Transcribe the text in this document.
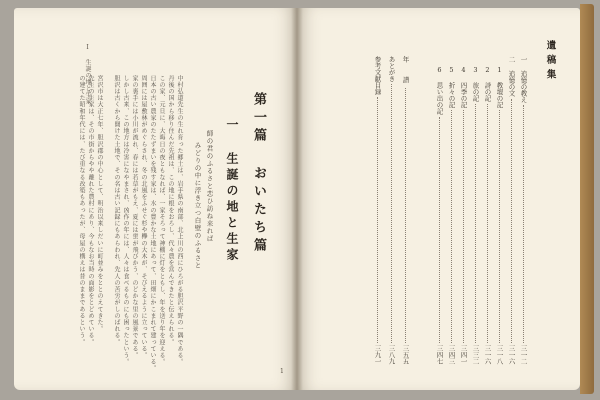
Ⅰ 生誕の地と生家
第一篇 おいたち篇
一 生誕の地と生家
師の君のふるさと恋ひ訪ね来れば
みどりの中に浮き立つ白壁のふるさと
中村弘道先生の生れ育った郷土は、岩手県の南部、北上川の西にひろがる胆沢平野の一隅である。
丹後の国から移り住んだ先祖は、この地に根をおろし、代々農を営んできたと伝えられる。
この家、元旦に、大晦日の夜ともなれば、一家そろって神棚に灯をともし、年を送り年を迎える。
日本の古い農家のたたずまいを残す家は、水の豊かな土地にあって、田畑にかこまれて建っている。
周囲には屋敷林がめぐらされ、冬の北風をふせぐ杉や欅の大木が、そびえるように立っている。
家の裏手には小川が流れ、春には若草がもえ、夏には蛍が飛びかう、のどかな里の風景である。
しかし古来、この地方は冷害になやまされ、凶作の年には、人々は食べるものにも困ったという。
胆沢は古くから開けた土地で、その名は古い記録にもあらわれ、先人の苦労がしのばれる。
宮沢市は大正七年、胆沢郡の中心として、明治以来しだいに町並みをととのえてきた。
先生の生家は、その市街からやや離れた農村にあり、今もなお当時の面影をとどめている。
の建てた昭和年代には、たび重なる改築もあったが、母屋の構えは昔のままであるという。
1
遺稿集
一 追憶の教え
三一二
二 追憶の文
三一六
1 教壇の記
三一八
2 詩の記
三一六
3 旅の記
三三二
4 四季の記
三四一
5 折々の記
三四三
6 思い出の記
三四七
年 譜
三五五
あとがき
三八九
参考文献目録
三九一
